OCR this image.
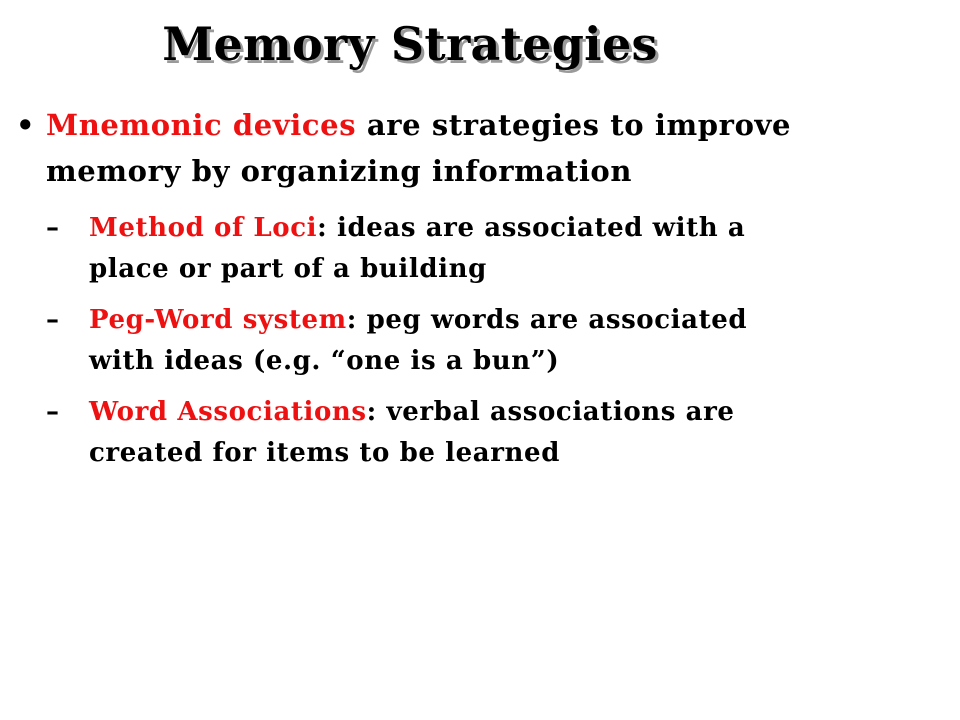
Memory Strategies
• Mnemonic devices are strategies to improve memory by organizing information
– Method of Loci: ideas are associated with a place or part of a building
– Peg-Word system: peg words are associated with ideas (e.g. “one is a bun”)
– Word Associations: verbal associations are created for items to be learned
